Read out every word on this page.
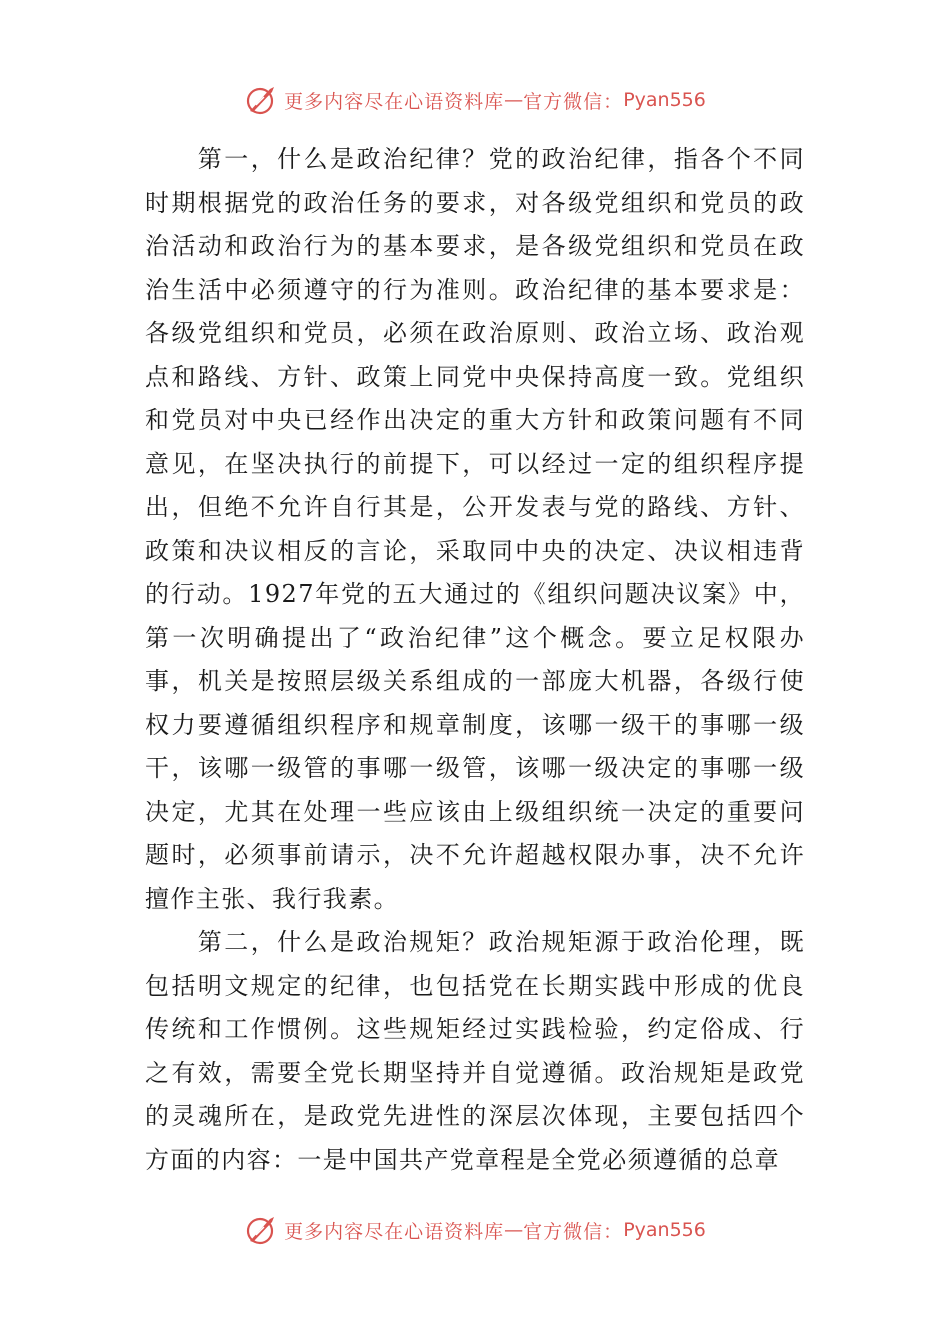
更多内容尽在心语资料库 — 官方微信： Pyan556

第一，什么是政治纪律？党的政治纪律，指各个不同时期根据党的政治任务的要求，对各级党组织和党员的政治活动和政治行为的基本要求，是各级党组织和党员在政治生活中必须遵守的行为准则。政治纪律的基本要求是：各级党组织和党员，必须在政治原则、政治立场、政治观点和路线、方针、政策上同党中央保持高度一致。党组织和党员对中央已经作出决定的重大方针和政策问题有不同意见，在坚决执行的前提下，可以经过一定的组织程序提出，但绝不允许自行其是，公开发表与党的路线、方针、政策和决议相反的言论，采取同中央的决定、决议相违背的行动。1927年党的五大通过的《组织问题决议案》中，第一次明确提出了“政治纪律”这个概念。要立足权限办事，机关是按照层级关系组成的一部庞大机器，各级行使权力要遵循组织程序和规章制度，该哪一级干的事哪一级干，该哪一级管的事哪一级管，该哪一级决定的事哪一级决定，尤其在处理一些应该由上级组织统一决定的重要问题时，必须事前请示，决不允许超越权限办事，决不允许擅作主张、我行我素。

第二，什么是政治规矩？政治规矩源于政治伦理，既包括明文规定的纪律，也包括党在长期实践中形成的优良传统和工作惯例。这些规矩经过实践检验，约定俗成、行之有效，需要全党长期坚持并自觉遵循。政治规矩是政党的灵魂所在，是政党先进性的深层次体现，主要包括四个方面的内容：一是中国共产党章程是全党必须遵循的总章

更多内容尽在心语资料库 — 官方微信： Pyan556
